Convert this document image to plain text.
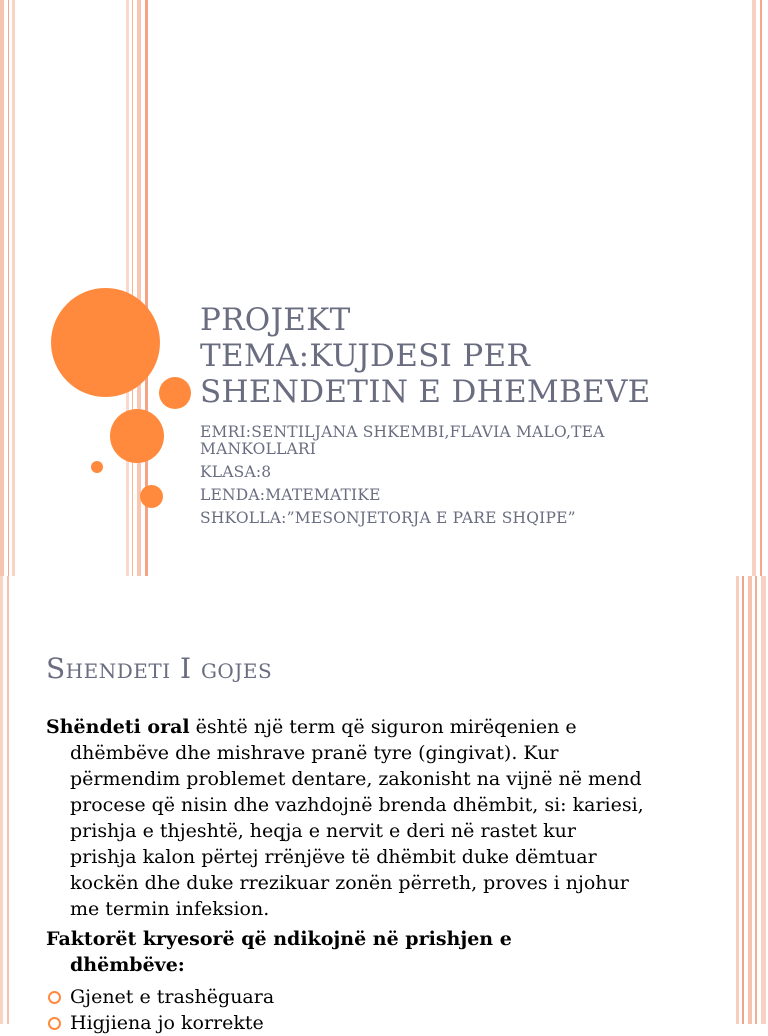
PROJEKT
TEMA:KUJDESI PER
SHENDETIN E DHEMBEVE
EMRI:SENTILJANA SHKEMBI,FLAVIA MALO,TEA
MANKOLLARI
KLASA:8
LENDA:MATEMATIKE
SHKOLLA:”MESONJETORJA E PARE SHQIPE”
Shendeti I gojes
Shëndeti oral është një term që siguron mirëqenien e
dhëmbëve dhe mishrave pranë tyre (gingivat). Kur
përmendim problemet dentare, zakonisht na vijnë në mend
procese që nisin dhe vazhdojnë brenda dhëmbit, si: kariesi,
prishja e thjeshtë, heqja e nervit e deri në rastet kur
prishja kalon përtej rrënjëve të dhëmbit duke dëmtuar
kockën dhe duke rrezikuar zonën përreth, proves i njohur
me termin infeksion.
Faktorët kryesorë që ndikojnë në prishjen e
dhëmbëve:
Gjenet e trashëguara
Higjiena jo korrekte
